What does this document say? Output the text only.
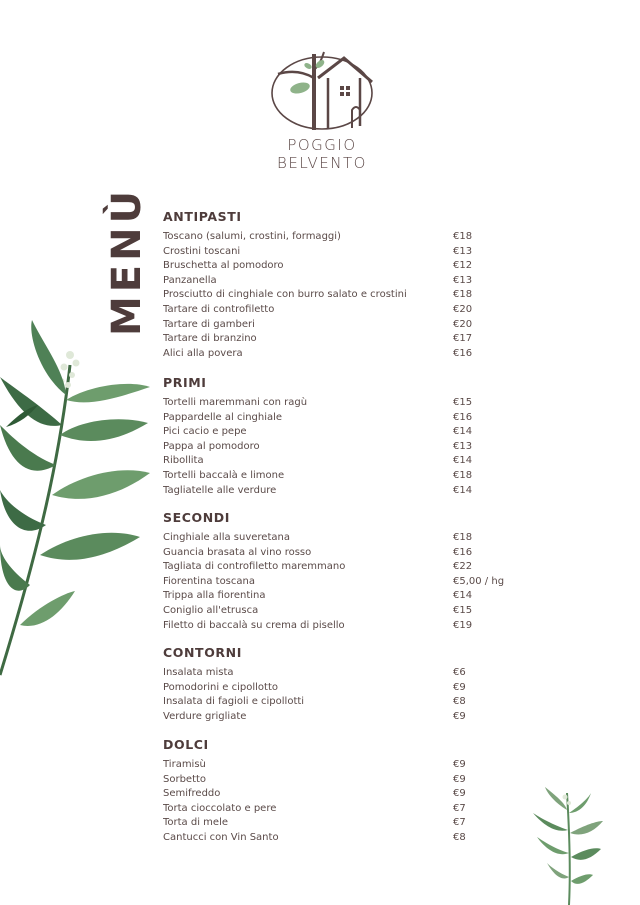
POGGIO
BELVENTO
MENÙ ANTIPASTI
Toscano (salumi, crostini, formaggi)	€18
Crostini toscani	€13
Bruschetta al pomodoro	€12
Panzanella	€13
Prosciutto di cinghiale con burro salato e crostini	€18
Tartare di controfiletto	€20
Tartare di gamberi	€20
Tartare di branzino	€17
Alici alla povera	€16
PRIMI
Tortelli maremmani con ragù	€15
Pappardelle al cinghiale	€16
Pici cacio e pepe	€14
Pappa al pomodoro	€13
Ribollita	€14
Tortelli baccalà e limone	€18
Tagliatelle alle verdure	€14
SECONDI
Cinghiale alla suveretana	€18
Guancia brasata al vino rosso	€16
Tagliata di controfiletto maremmano	€22
Fiorentina toscana	€5,00 / hg
Trippa alla fiorentina	€14
Coniglio all'etrusca	€15
Filetto di baccalà su crema di pisello	€19
CONTORNI
Insalata mista	€6
Pomodorini e cipollotto	€9
Insalata di fagioli e cipollotti	€8
Verdure grigliate	€9
DOLCI
Tiramisù	€9
Sorbetto	€9
Semifreddo	€9
Torta cioccolato e pere	€7
Torta di mele	€7
Cantucci con Vin Santo	€8
